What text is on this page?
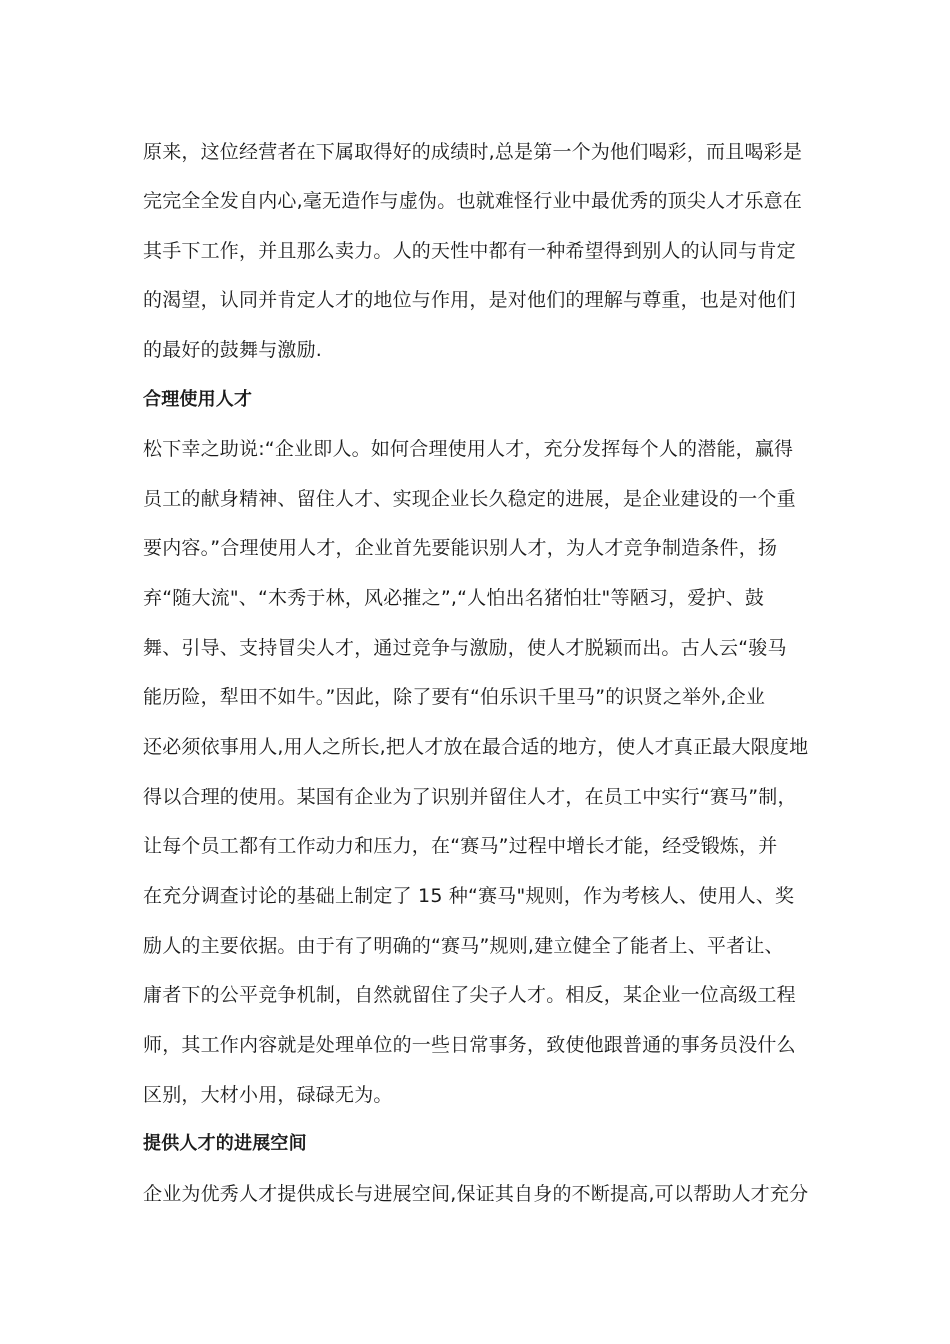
原来，这位经营者在下属取得好的成绩时,总是第一个为他们喝彩，而且喝彩是
完完全全发自内心,毫无造作与虚伪。也就难怪行业中最优秀的顶尖人才乐意在
其手下工作，并且那么卖力。人的天性中都有一种希望得到别人的认同与肯定
的渴望，认同并肯定人才的地位与作用，是对他们的理解与尊重，也是对他们
的最好的鼓舞与激励.
合理使用人才
松下幸之助说:“企业即人。如何合理使用人才，充分发挥每个人的潜能，赢得
员工的献身精神、留住人才、实现企业长久稳定的进展，是企业建设的一个重
要内容。”合理使用人才，企业首先要能识别人才，为人才竞争制造条件，扬
弃“随大流"、“木秀于林，风必摧之”,“人怕出名猪怕壮"等陋习，爱护、鼓
舞、引导、支持冒尖人才，通过竞争与激励，使人才脱颖而出。古人云“骏马
能历险，犁田不如牛。”因此，除了要有“伯乐识千里马”的识贤之举外,企业
还必须依事用人,用人之所长,把人才放在最合适的地方，使人才真正最大限度地
得以合理的使用。某国有企业为了识别并留住人才，在员工中实行“赛马”制，
让每个员工都有工作动力和压力，在“赛马”过程中增长才能，经受锻炼，并
在充分调查讨论的基础上制定了 15 种“赛马"规则，作为考核人、使用人、奖
励人的主要依据。由于有了明确的“赛马”规则,建立健全了能者上、平者让、
庸者下的公平竞争机制，自然就留住了尖子人才。相反，某企业一位高级工程
师，其工作内容就是处理单位的一些日常事务，致使他跟普通的事务员没什么
区别，大材小用，碌碌无为。
提供人才的进展空间
企业为优秀人才提供成长与进展空间,保证其自身的不断提高,可以帮助人才充分
